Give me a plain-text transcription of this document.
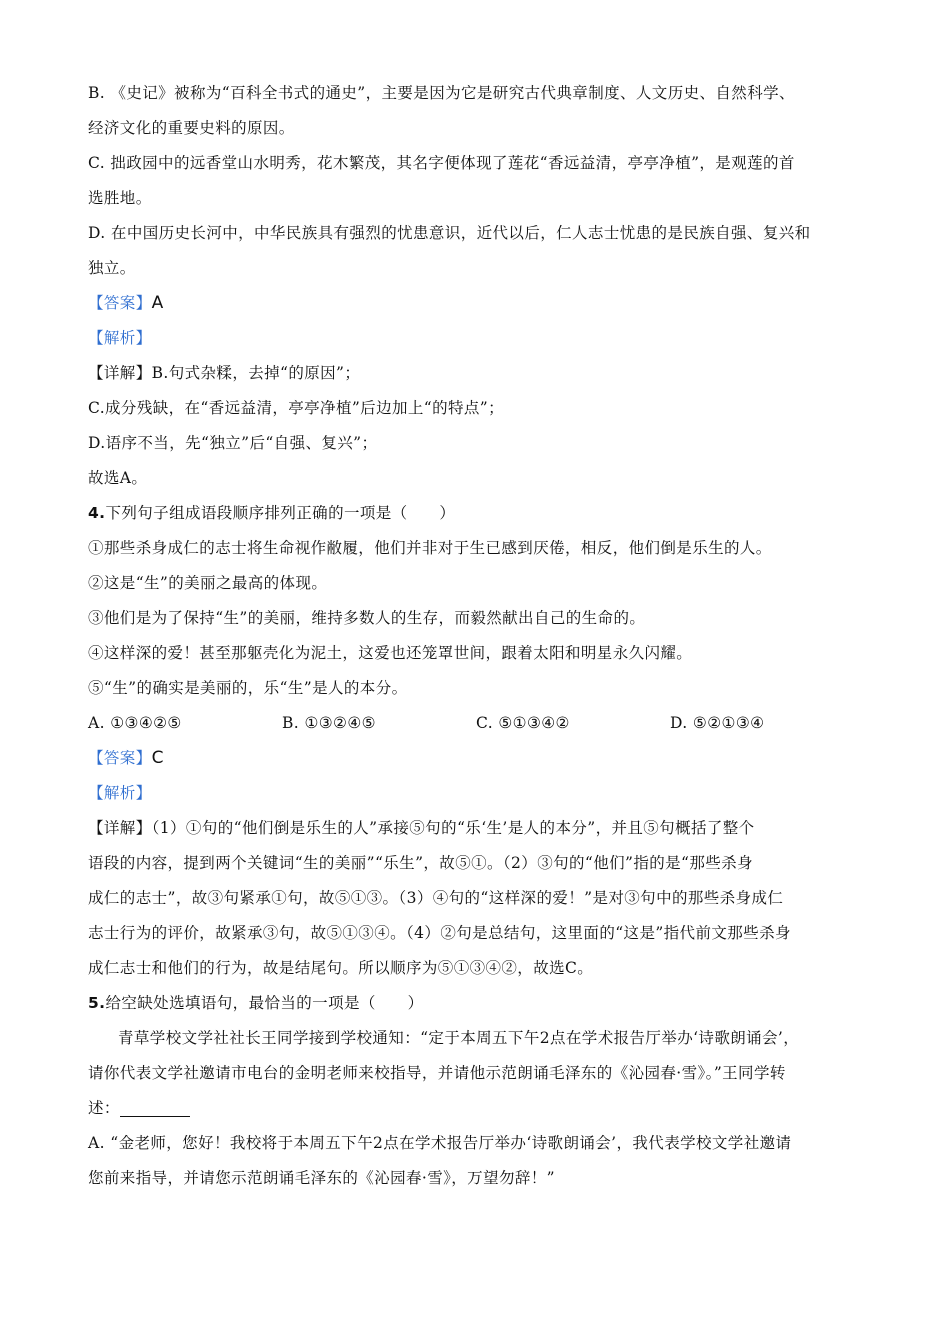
B. 《史记》被称为“百科全书式的通史”，主要是因为它是研究古代典章制度、人文历史、自然科学、
经济文化的重要史料的原因。
C. 拙政园中的远香堂山水明秀，花木繁茂，其名字便体现了莲花“香远益清，亭亭净植”，是观莲的首
选胜地。
D. 在中国历史长河中，中华民族具有强烈的忧患意识，近代以后，仁人志士忧患的是民族自强、复兴和
独立。
【答案】A
【解析】
【详解】B.句式杂糅，去掉“的原因”；
C.成分残缺，在“香远益清，亭亭净植”后边加上“的特点”；
D.语序不当，先“独立”后“自强、复兴”；
故选A。
4.下列句子组成语段顺序排列正确的一项是（　　）
①那些杀身成仁的志士将生命视作敝履，他们并非对于生已感到厌倦，相反，他们倒是乐生的人。
②这是“生”的美丽之最高的体现。
③他们是为了保持“生”的美丽，维持多数人的生存，而毅然献出自己的生命的。
④这样深的爱！甚至那躯壳化为泥土，这爱也还笼罩世间，跟着太阳和明星永久闪耀。
⑤“生”的确实是美丽的，乐“生”是人的本分。
A. ①③④②⑤	B. ①③②④⑤	C. ⑤①③④②	D. ⑤②①③④
【答案】C
【解析】
【详解】（1）①句的“他们倒是乐生的人”承接⑤句的“乐‘生’是人的本分”，并且⑤句概括了整个
语段的内容，提到两个关键词“生的美丽”“乐生”，故⑤①。（2）③句的“他们”指的是“那些杀身
成仁的志士”，故③句紧承①句，故⑤①③。（3）④句的“这样深的爱！”是对③句中的那些杀身成仁
志士行为的评价，故紧承③句，故⑤①③④。（4）②句是总结句，这里面的“这是”指代前文那些杀身
成仁志士和他们的行为，故是结尾句。所以顺序为⑤①③④②，故选C。
5.给空缺处选填语句，最恰当的一项是（　　）
青草学校文学社社长王同学接到学校通知：“定于本周五下午2点在学术报告厅举办‘诗歌朗诵会’，
请你代表文学社邀请市电台的金明老师来校指导，并请他示范朗诵毛泽东的《沁园春·雪》。”王同学转
述：
A. “金老师，您好！我校将于本周五下午2点在学术报告厅举办‘诗歌朗诵会’，我代表学校文学社邀请
您前来指导，并请您示范朗诵毛泽东的《沁园春·雪》，万望勿辞！”
